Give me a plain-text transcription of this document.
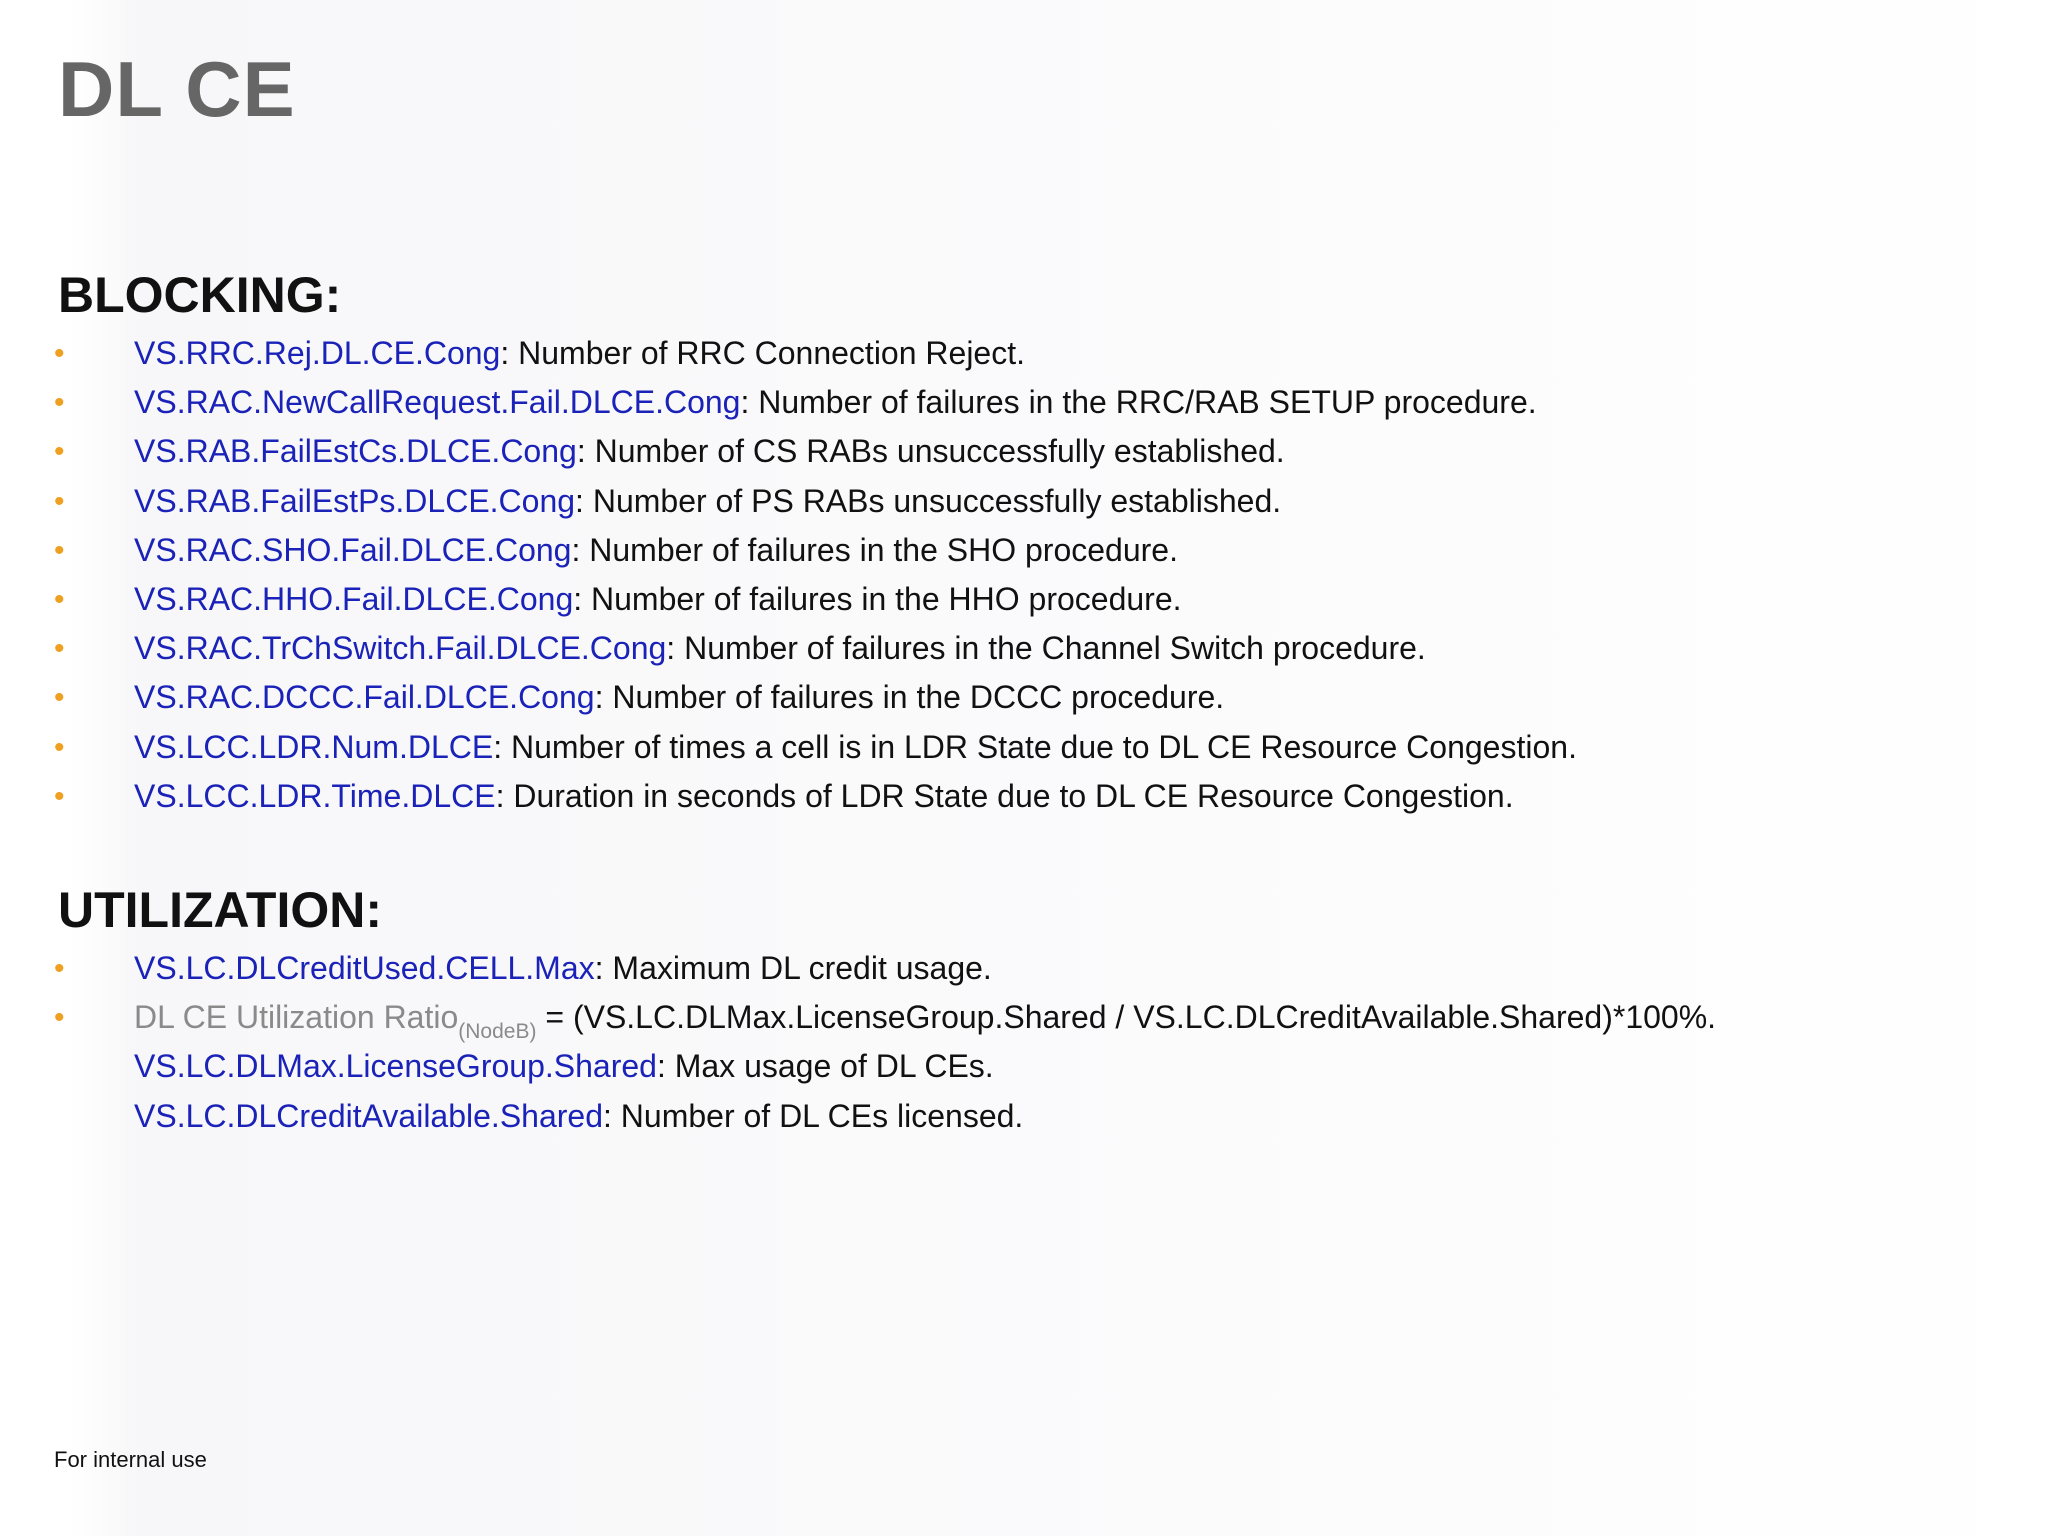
DL CE
BLOCKING:
• VS.RRC.Rej.DL.CE.Cong: Number of RRC Connection Reject.
• VS.RAC.NewCallRequest.Fail.DLCE.Cong: Number of failures in the RRC/RAB SETUP procedure.
• VS.RAB.FailEstCs.DLCE.Cong: Number of CS RABs unsuccessfully established.
• VS.RAB.FailEstPs.DLCE.Cong: Number of PS RABs unsuccessfully established.
• VS.RAC.SHO.Fail.DLCE.Cong: Number of failures in the SHO procedure.
• VS.RAC.HHO.Fail.DLCE.Cong: Number of failures in the HHO procedure.
• VS.RAC.TrChSwitch.Fail.DLCE.Cong: Number of failures in the Channel Switch procedure.
• VS.RAC.DCCC.Fail.DLCE.Cong: Number of failures in the DCCC procedure.
• VS.LCC.LDR.Num.DLCE: Number of times a cell is in LDR State due to DL CE Resource Congestion.
• VS.LCC.LDR.Time.DLCE: Duration in seconds of LDR State due to DL CE Resource Congestion.
UTILIZATION:
• VS.LC.DLCreditUsed.CELL.Max: Maximum DL credit usage.
• DL CE Utilization Ratio$_{(NodeB)}$ = (VS.LC.DLMax.LicenseGroup.Shared / VS.LC.DLCreditAvailable.Shared)*100%.
VS.LC.DLMax.LicenseGroup.Shared: Max usage of DL CEs.
VS.LC.DLCreditAvailable.Shared: Number of DL CEs licensed.
For internal use
